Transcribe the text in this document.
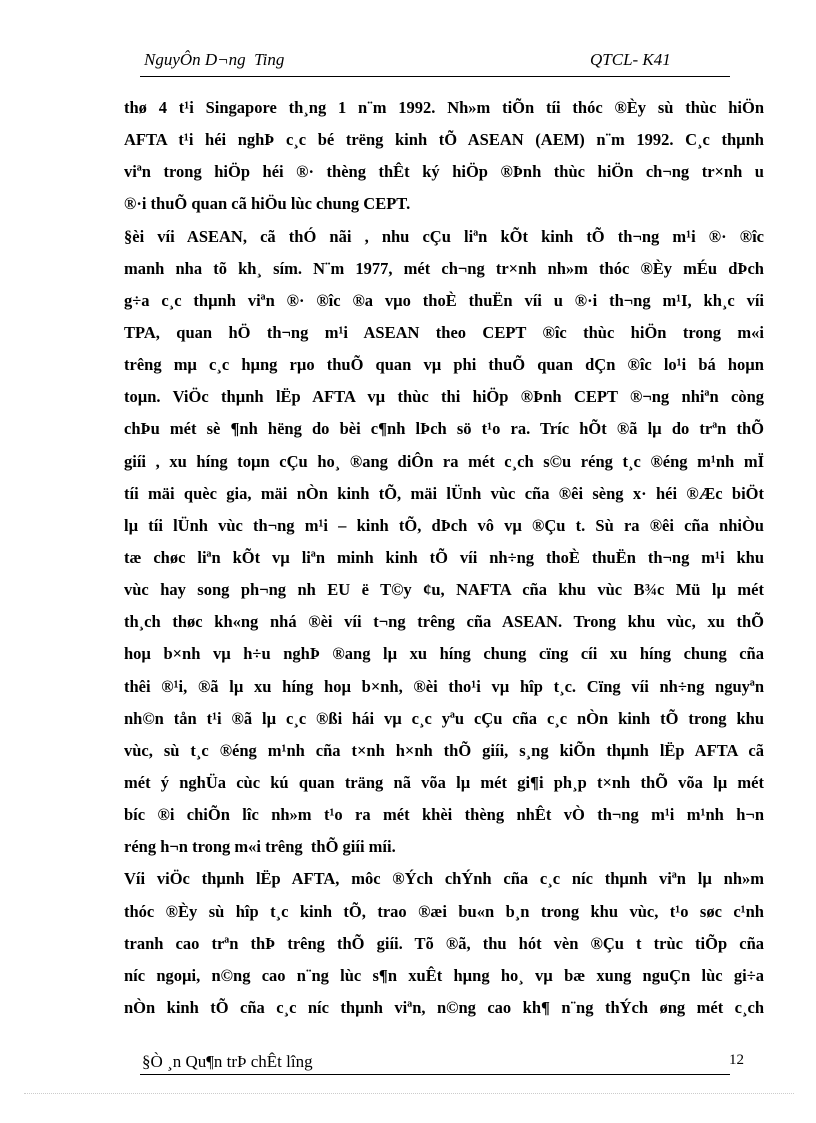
NguyÔn D¬ng  Ting	QTCL- K41
thø 4 t¹i Singapore th¸ng 1 n¨m 1992. Nh»m tiÕn tíi thóc ®Èy sù thùc hiÖn
AFTA t¹i héi nghÞ c¸c bé trëng kinh tÕ ASEAN (AEM) n¨m 1992. C¸c thµnh
viªn trong hiÖp héi ®· thèng thÊt ký hiÖp ®Þnh thùc hiÖn ch¬ng tr×nh u
®·i thuÕ quan cã hiÖu lùc chung CEPT.
§èi víi ASEAN, cã thÓ nãi , nhu cÇu liªn kÕt kinh tÕ th¬ng m¹i ®· ®îc
manh nha tõ kh¸ sím. N¨m 1977, mét ch¬ng tr×nh nh»m thóc ®Èy mÉu dÞch
g÷a c¸c thµnh viªn ®· ®îc ®a vµo thoÈ thuËn víi u ®·i th¬ng m¹I, kh¸c víi
TPA, quan hÖ th¬ng m¹i ASEAN theo CEPT ®îc thùc hiÖn trong m«i
trêng mµ c¸c hµng rµo thuÕ quan vµ phi thuÕ quan dÇn ®îc lo¹i bá hoµn
toµn. ViÖc thµnh lËp AFTA vµ thùc thi hiÖp ®Þnh CEPT ®¬ng nhiªn còng
chÞu mét sè ¶nh hëng do bèi c¶nh lÞch sö t¹o ra. Tríc hÕt ®ã lµ do trªn thÕ
giíi , xu híng toµn cÇu ho¸ ®ang diÔn ra mét c¸ch s©u réng t¸c ®éng m¹nh mÏ
tíi mäi quèc gia, mäi nÒn kinh tÕ, mäi lÜnh vùc cña ®êi sèng x· héi ®Æc biÖt
lµ tíi lÜnh vùc th¬ng m¹i – kinh tÕ, dÞch vô vµ ®Çu t. Sù ra ®êi cña nhiÒu
tæ chøc liªn kÕt vµ liªn minh kinh tÕ víi nh÷ng thoÈ thuËn th¬ng m¹i khu
vùc hay song ph¬ng nh EU ë T©y ¢u, NAFTA cña khu vùc B¾c Mü lµ mét
th¸ch thøc kh«ng nhá ®èi víi t¬ng trêng cña ASEAN. Trong khu vùc, xu thÕ
hoµ b×nh vµ h÷u nghÞ ®ang lµ xu híng chung cïng cíi xu híng chung cña
thêi ®¹i, ®ã lµ xu híng hoµ b×nh, ®èi tho¹i vµ hîp t¸c. Cïng víi nh÷ng nguyªn
nh©n tån t¹i ®ã lµ c¸c ®ßi hái vµ c¸c yªu cÇu cña c¸c nÒn kinh tÕ trong khu
vùc, sù t¸c ®éng m¹nh cña t×nh h×nh thÕ giíi, s¸ng kiÕn thµnh lËp AFTA cã
mét ý nghÜa cùc kú quan träng nã võa lµ mét gi¶i ph¸p t×nh thÕ võa lµ mét
bíc ®i chiÕn lîc nh»m t¹o ra mét khèi thèng nhÊt vÒ th¬ng m¹i m¹nh h¬n
réng h¬n trong m«i trêng  thÕ giíi míi.
Víi viÖc thµnh lËp AFTA, môc ®Ých chÝnh cña c¸c níc thµnh viªn lµ nh»m
thóc ®Èy sù hîp t¸c kinh tÕ, trao ®æi bu«n b¸n trong khu vùc, t¹o søc c¹nh
tranh cao trªn thÞ trêng thÕ giíi. Tõ ®ã, thu hót vèn ®Çu t trùc tiÕp cña
níc ngoµi, n©ng cao n¨ng lùc s¶n xuÊt hµng ho¸ vµ bæ xung nguÇn lùc gi÷a
nÒn kinh tÕ cña c¸c níc thµnh viªn, n©ng cao kh¶ n¨ng thÝch øng mét c¸ch
§Ò ¸n Qu¶n trÞ chÊt lîng	12
